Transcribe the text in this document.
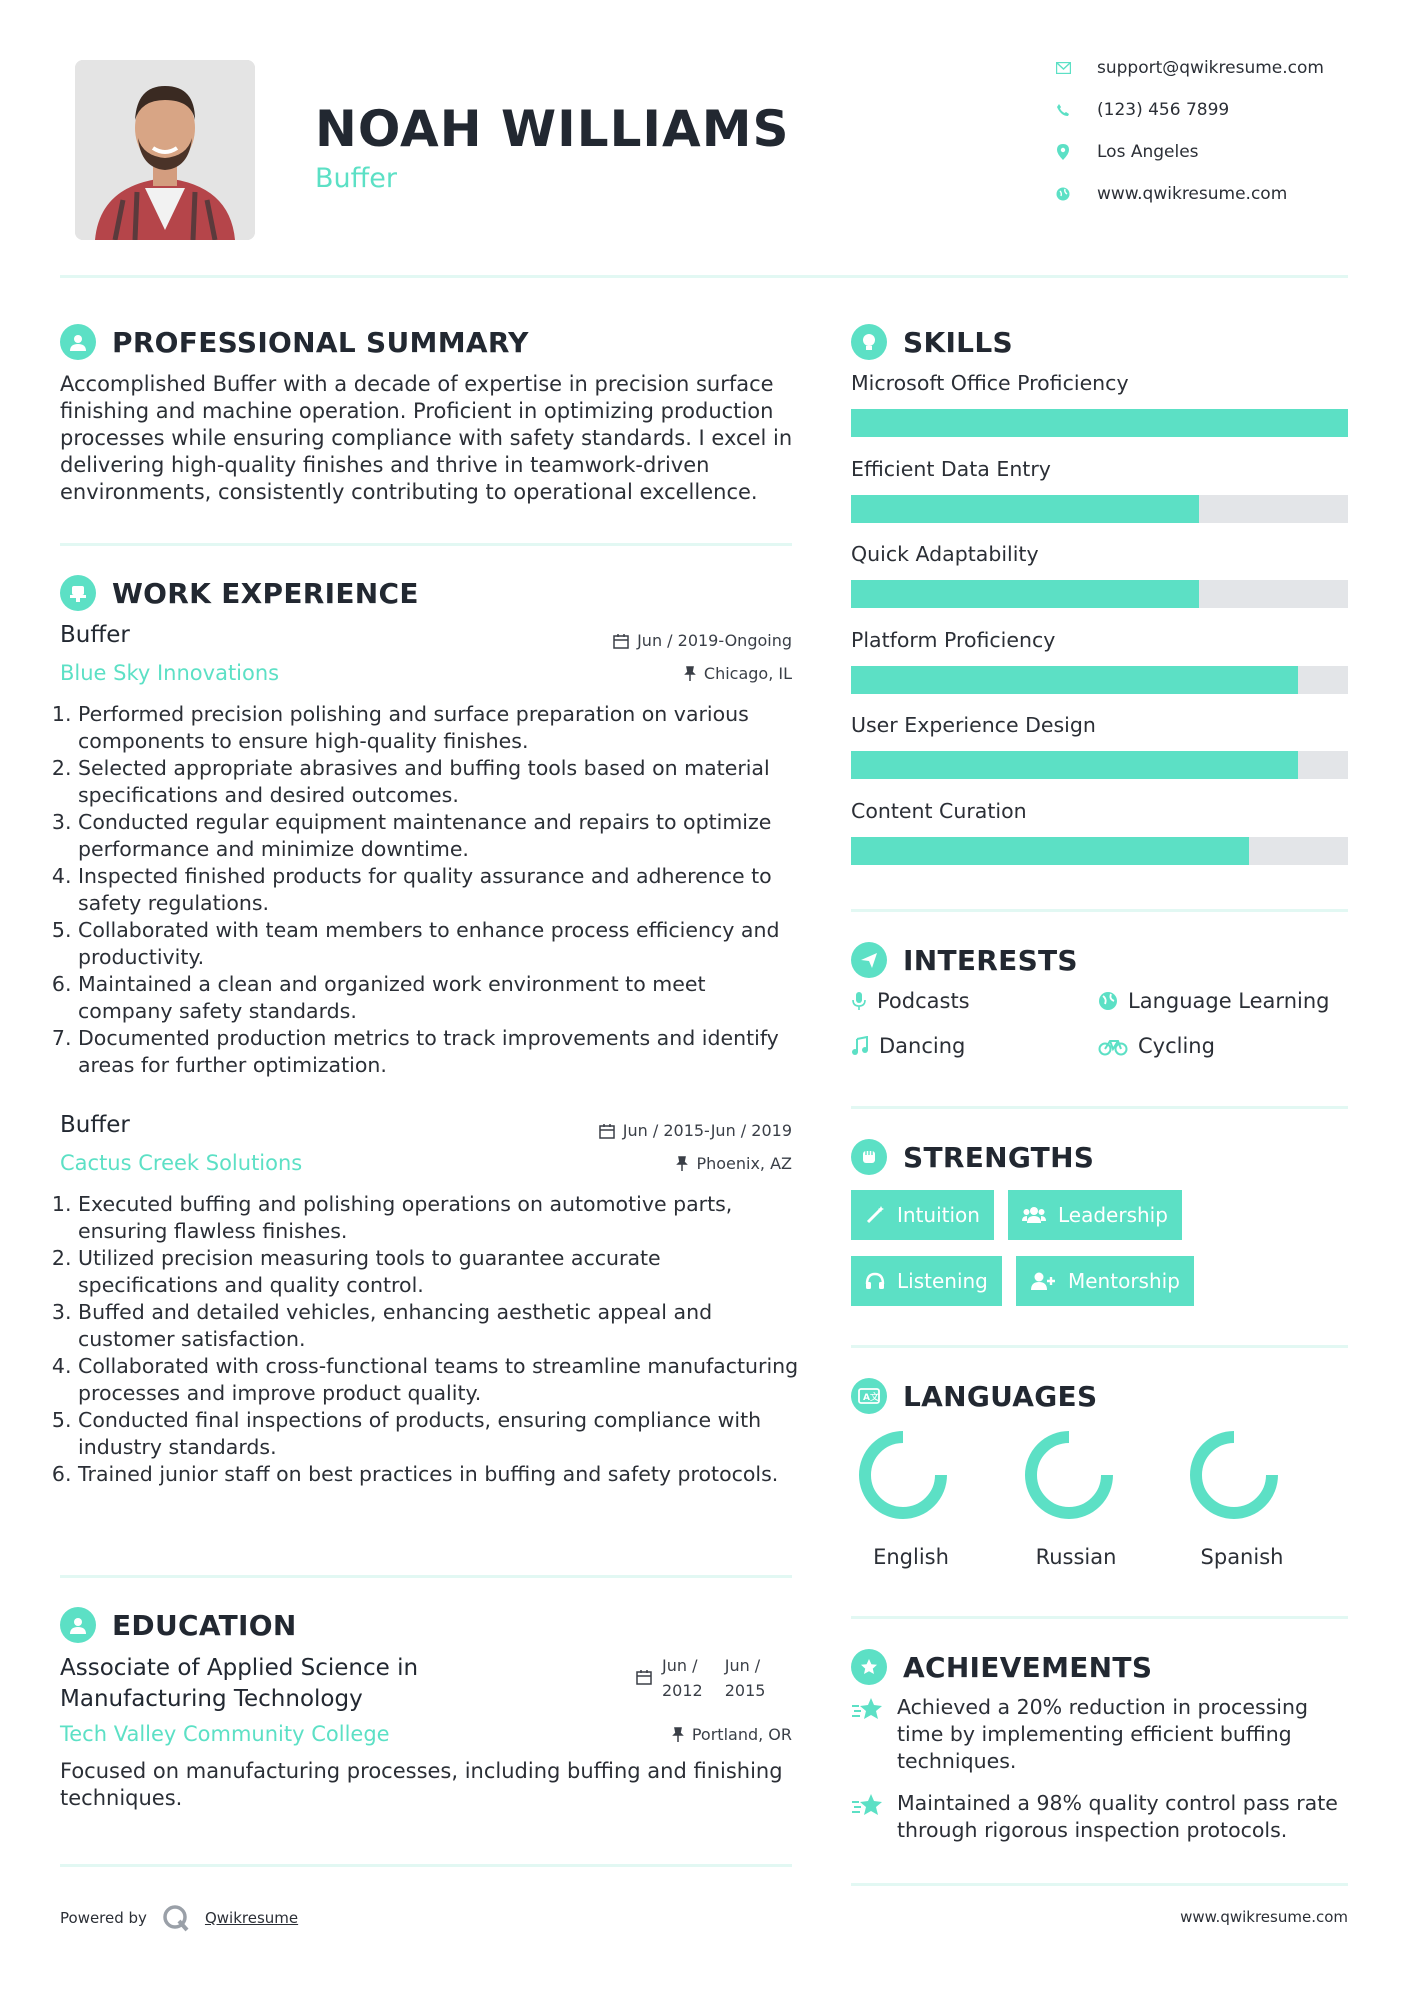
NOAH WILLIAMS
Buffer
support@qwikresume.com
(123) 456 7899
Los Angeles
www.qwikresume.com
PROFESSIONAL SUMMARY
Accomplished Buffer with a decade of expertise in precision surface finishing and machine operation. Proficient in optimizing production processes while ensuring compliance with safety standards. I excel in delivering high-quality finishes and thrive in teamwork-driven environments, consistently contributing to operational excellence.
WORK EXPERIENCE
Buffer
Blue Sky Innovations
Jun / 2019-Ongoing
Chicago, IL
1. Performed precision polishing and surface preparation on various components to ensure high-quality finishes.
2. Selected appropriate abrasives and buffing tools based on material specifications and desired outcomes.
3. Conducted regular equipment maintenance and repairs to optimize performance and minimize downtime.
4. Inspected finished products for quality assurance and adherence to safety regulations.
5. Collaborated with team members to enhance process efficiency and productivity.
6. Maintained a clean and organized work environment to meet company safety standards.
7. Documented production metrics to track improvements and identify areas for further optimization.
Buffer
Cactus Creek Solutions
Jun / 2015-Jun / 2019
Phoenix, AZ
1. Executed buffing and polishing operations on automotive parts, ensuring flawless finishes.
2. Utilized precision measuring tools to guarantee accurate specifications and quality control.
3. Buffed and detailed vehicles, enhancing aesthetic appeal and customer satisfaction.
4. Collaborated with cross-functional teams to streamline manufacturing processes and improve product quality.
5. Conducted final inspections of products, ensuring compliance with industry standards.
6. Trained junior staff on best practices in buffing and safety protocols.
EDUCATION
Associate of Applied Science in
Manufacturing Technology
Tech Valley Community College
Jun /
2012
Jun /
2015
Portland, OR
Focused on manufacturing processes, including buffing and finishing techniques.
SKILLS
Microsoft Office Proficiency
Efficient Data Entry
Quick Adaptability
Platform Proficiency
User Experience Design
Content Curation
INTERESTS
Podcasts	Language Learning
Dancing	Cycling
STRENGTHS
Intuition	Leadership
Listening	Mentorship
A 文 LANGUAGES
English	Russian	Spanish
ACHIEVEMENTS
Achieved a 20% reduction in processing time by implementing efficient buffing techniques.
Maintained a 98% quality control pass rate through rigorous inspection protocols.
Powered by	Qwikresume	www.qwikresume.com
